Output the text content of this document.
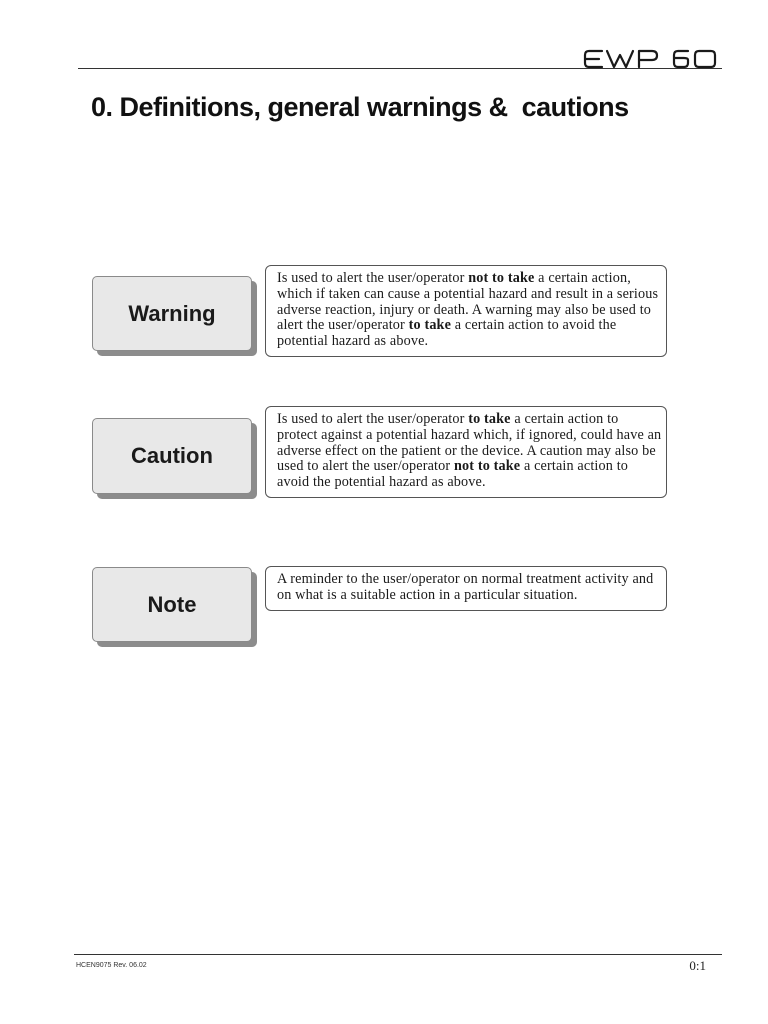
0. Definitions, general warnings &  cautions
Warning
Is used to alert the user/operator not to take a certain action, which if taken can cause a potential hazard and result in a serious adverse reaction, injury or death. A warning may also be used to alert the user/operator to take a certain action to avoid the potential hazard as above.
Caution
Is used to alert the user/operator to take a certain action to protect against a potential hazard which, if ignored, could have an adverse effect on the patient or the device. A caution may also be used to alert the user/operator not to take a certain action to avoid the potential hazard as above.
Note
A reminder to the user/operator on normal treatment activity and on what is a suitable action in a particular situation.
HCEN9075 Rev. 06.02	0:1
